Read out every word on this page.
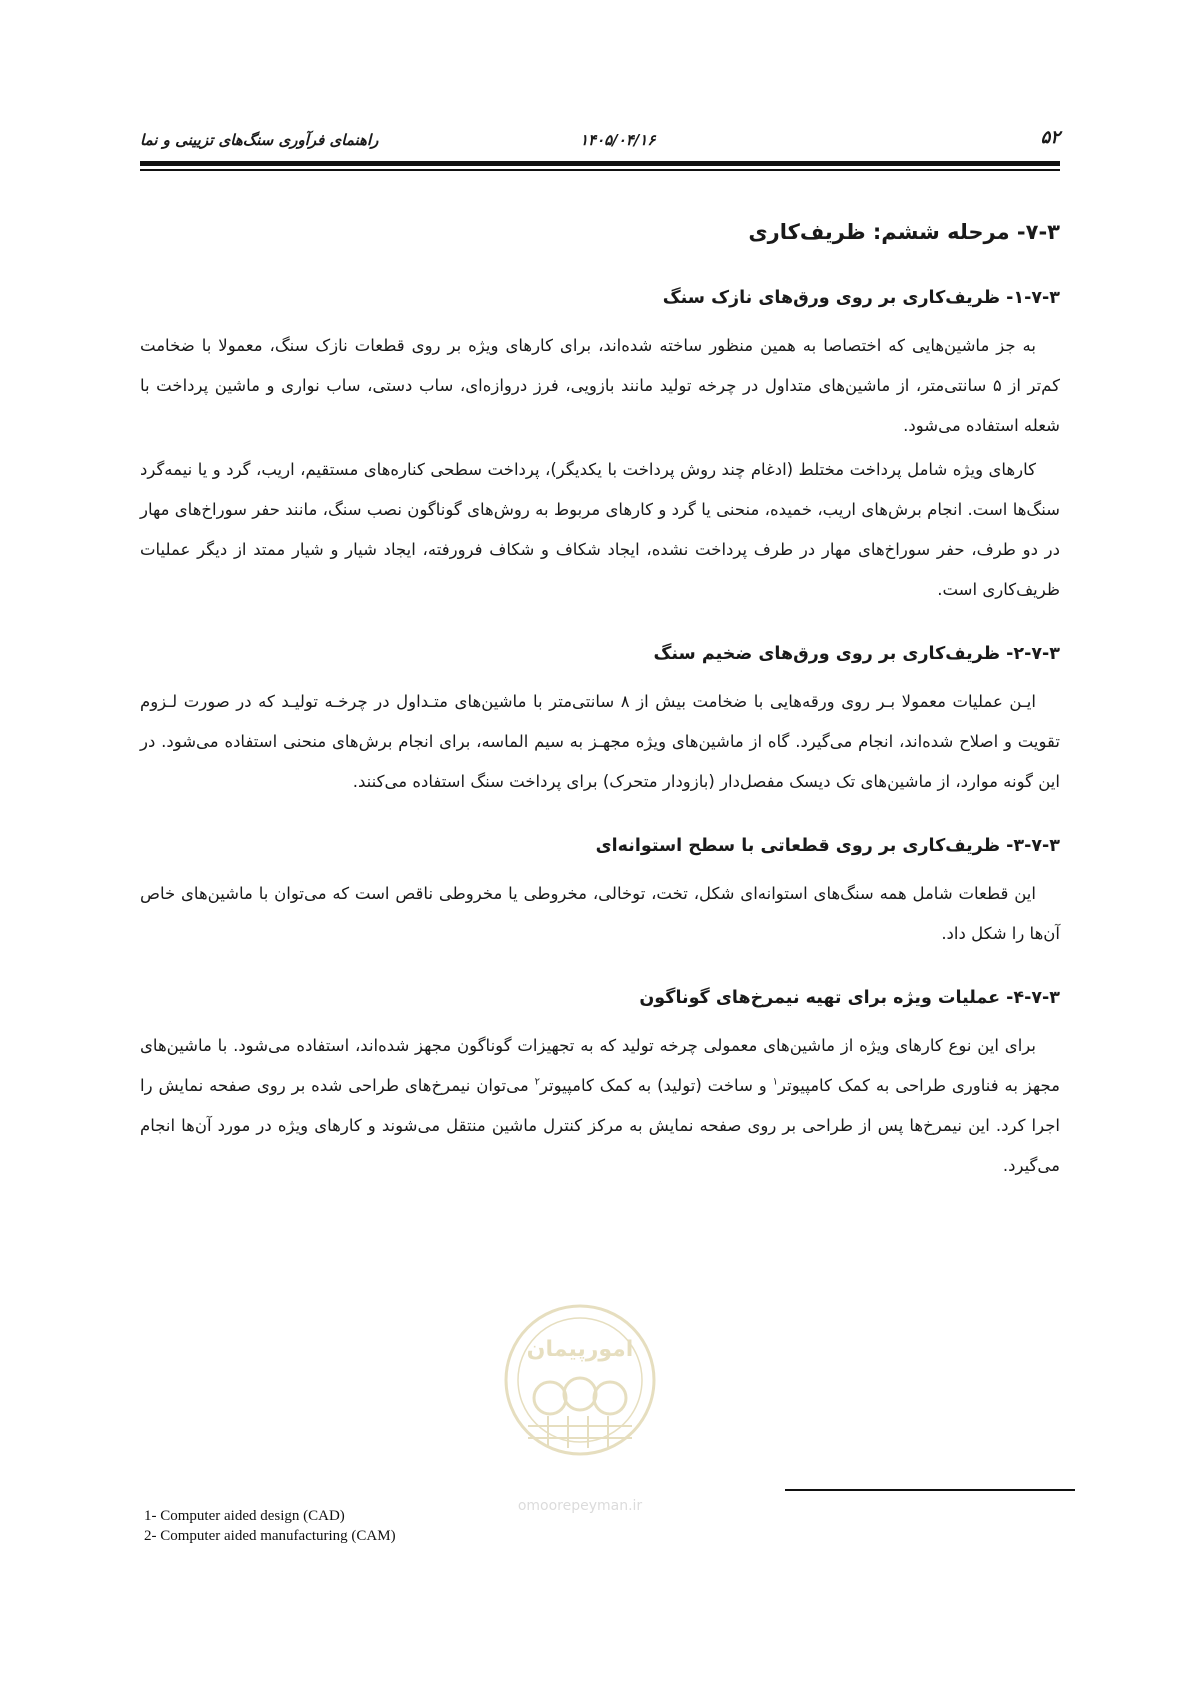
۵۲
۱۴۰۵/۰۴/۱۶
راهنمای فرآوری سنگ‌های تزیینی و نما
۷-۳- مرحله ششم: ظریف‌کاری
۱-۷-۳- ظریف‌کاری بر روی ورق‌های نازک سنگ

به جز ماشین‌هایی که اختصاصا به همین منظور ساخته شده‌اند، برای کارهای ویژه بر روی قطعات نازک سنگ، معمولا با ضخامت کم‌تر از ۵ سانتی‌متر، از ماشین‌های متداول در چرخه تولید مانند بازویی، فرز دروازه‌ای، ساب دستی، ساب نواری و ماشین پرداخت با شعله استفاده می‌شود.

کارهای ویژه شامل پرداخت مختلط (ادغام چند روش پرداخت با یکدیگر)، پرداخت سطحی کناره‌های مستقیم، اریب، گرد و یا نیمه‌گرد سنگ‌ها است. انجام برش‌های اریب، خمیده، منحنی یا گرد و کارهای مربوط به روش‌های گوناگون نصب سنگ، مانند حفر سوراخ‌های مهار در دو طرف، حفر سوراخ‌های مهار در طرف پرداخت نشده، ایجاد شکاف و شکاف فرورفته، ایجاد شیار و شیار ممتد از دیگر عملیات ظریف‌کاری است.

۲-۷-۳- ظریف‌کاری بر روی ورق‌های ضخیم سنگ

ایـن عملیات معمولا بـر روی ورقه‌هایی با ضخامت بیش از ۸ سانتی‌متر با ماشین‌های متـداول در چرخـه تولیـد که در صورت لـزوم تقویت و اصلاح شده‌اند، انجام می‌گیرد. گاه از ماشین‌های ویژه مجهـز به سیم الماسه، برای انجام برش‌های منحنی استفاده می‌شود. در این گونه موارد، از ماشین‌های تک دیسک مفصل‌دار (بازودار متحرک) برای پرداخت سنگ استفاده می‌کنند.

۳-۷-۳- ظریف‌کاری بر روی قطعاتی با سطح استوانه‌ای

این قطعات شامل همه سنگ‌های استوانه‌ای شکل، تخت، توخالی، مخروطی یا مخروطی ناقص است که می‌توان با ماشین‌های خاص آن‌ها را شکل داد.

۴-۷-۳- عملیات ویژه برای تهیه نیمرخ‌های گوناگون

برای این نوع کارهای ویژه از ماشین‌های معمولی چرخه تولید که به تجهیزات گوناگون مجهز شده‌اند، استفاده می‌شود. با ماشین‌های مجهز به فناوری طراحی به کمک کامپیوتر$^۱$ و ساخت (تولید) به کمک کامپیوتر$^۲$ می‌توان نیمرخ‌های طراحی شده بر روی صفحه نمایش را اجرا کرد. این نیمرخ‌ها پس از طراحی بر روی صفحه نمایش به مرکز کنترل ماشین منتقل می‌شوند و کارهای ویژه در مورد آن‌ها انجام می‌گیرد.

امورپیمان
omoorepeyman.ir
1- Computer aided design (CAD)
2- Computer aided manufacturing (CAM)
